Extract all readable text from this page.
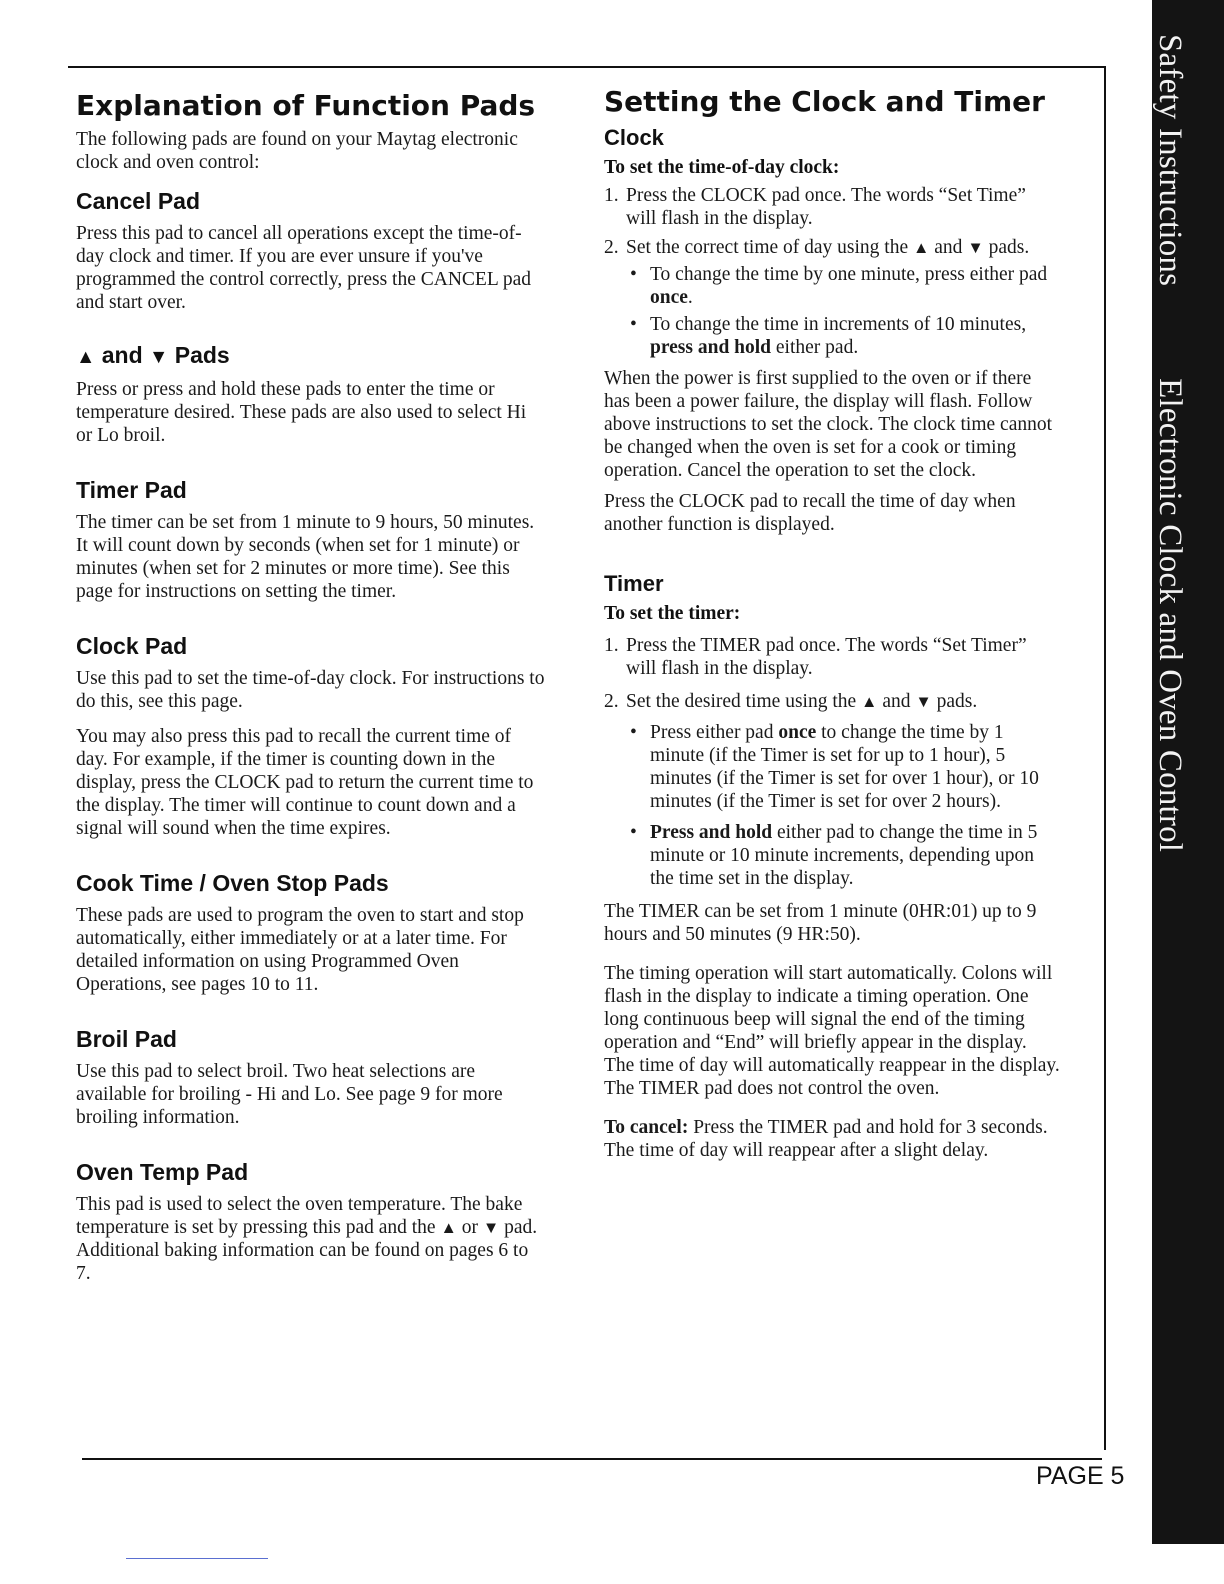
Safety InstructionsElectronic Clock and Oven Control
PAGE 5
Explanation of Function Pads

The following pads are found on your Maytag electronic clock and oven control:

Cancel Pad

Press this pad to cancel all operations except the time-of-day clock and timer. If you are ever unsure if you've programmed the control correctly, press the CANCEL pad and start over.

▲ and ▼ Pads

Press or press and hold these pads to enter the time or temperature desired. These pads are also used to select Hi or Lo broil.

Timer Pad

The timer can be set from 1 minute to 9 hours, 50 minutes. It will count down by seconds (when set for 1 minute) or minutes (when set for 2 minutes or more time). See this page for instructions on setting the timer.

Clock Pad

Use this pad to set the time-of-day clock. For instructions to do this, see this page.

You may also press this pad to recall the current time of day. For example, if the timer is counting down in the display, press the CLOCK pad to return the current time to the display. The timer will continue to count down and a signal will sound when the time expires.

Cook Time / Oven Stop Pads

These pads are used to program the oven to start and stop automatically, either immediately or at a later time. For detailed information on using Programmed Oven Operations, see pages 10 to 11.

Broil Pad

Use this pad to select broil. Two heat selections are available for broiling - Hi and Lo. See page 9 for more broiling information.

Oven Temp Pad

This pad is used to select the oven temperature. The bake temperature is set by pressing this pad and the ▲ or ▼ pad. Additional baking information can be found on pages 6 to 7.

Setting the Clock and Timer
Clock
To set the time-of-day clock:
1. Press the CLOCK pad once. The words “Set Time” will flash in the display.
2. Set the correct time of day using the ▲ and ▼ pads.
• To change the time by one minute, press either pad once.
• To change the time in increments of 10 minutes, press and hold either pad.

When the power is first supplied to the oven or if there has been a power failure, the display will flash. Follow above instructions to set the clock. The clock time cannot be changed when the oven is set for a cook or timing operation. Cancel the operation to set the clock.

Press the CLOCK pad to recall the time of day when another function is displayed.

Timer
To set the timer:
1. Press the TIMER pad once. The words “Set Timer” will flash in the display.
2. Set the desired time using the ▲ and ▼ pads.
• Press either pad once to change the time by 1 minute (if the Timer is set for up to 1 hour), 5 minutes (if the Timer is set for over 1 hour), or 10 minutes (if the Timer is set for over 2 hours).
• Press and hold either pad to change the time in 5 minute or 10 minute increments, depending upon the time set in the display.

The TIMER can be set from 1 minute (0HR:01) up to 9 hours and 50 minutes (9 HR:50).

The timing operation will start automatically. Colons will flash in the display to indicate a timing operation. One long continuous beep will signal the end of the timing operation and “End” will briefly appear in the display. The time of day will automatically reappear in the display. The TIMER pad does not control the oven.

To cancel: Press the TIMER pad and hold for 3 seconds. The time of day will reappear after a slight delay.
